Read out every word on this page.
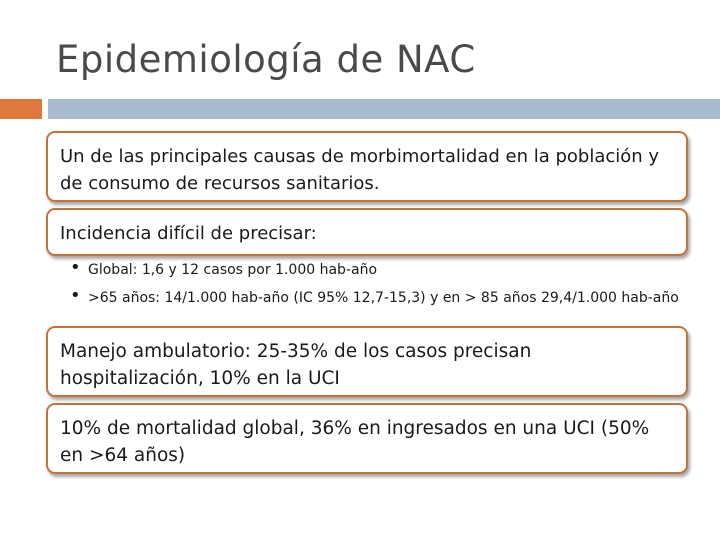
Epidemiología de NAC

Un de las principales causas de morbimortalidad en la población y de consumo de recursos sanitarios.

Incidencia difícil de precisar:

• Global: 1,6 y 12 casos por 1.000 hab-año
• >65 años: 14/1.000 hab-año (IC 95% 12,7-15,3) y en > 85 años 29,4/1.000 hab-año

Manejo ambulatorio: 25-35% de los casos precisan hospitalización, 10% en la UCI

10% de mortalidad global, 36% en ingresados en una UCI (50% en >64 años)
